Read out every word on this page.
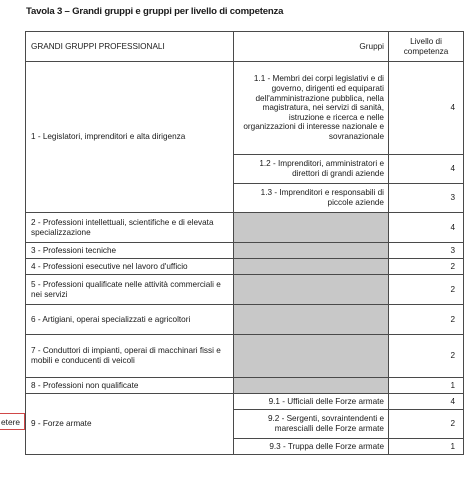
Tavola 3 – Grandi gruppi e gruppi per livello di competenza
GRANDI GRUPPI PROFESSIONALI	Gruppi	Livello di competenza
1 - Legislatori, imprenditori e alta dirigenza	1.1 - Membri dei corpi legislativi e di governo, dirigenti ed equiparati dell'amministrazione pubblica, nella magistratura, nei servizi di sanità, istruzione e ricerca e nelle organizzazioni di interesse nazionale e sovranazionale	4
	1.2 - Imprenditori, amministratori e direttori di grandi aziende	4
	1.3 - Imprenditori e responsabili di piccole aziende	3
2 - Professioni intellettuali, scientifiche e di elevata specializzazione		4
3 - Professioni tecniche		3
4 - Professioni esecutive nel lavoro d'ufficio		2
5 - Professioni qualificate nelle attività commerciali e nei servizi		2
6 - Artigiani, operai specializzati e agricoltori		2
7 - Conduttori di impianti, operai di macchinari fissi e mobili e conducenti di veicoli		2
8 - Professioni non qualificate		1
9 - Forze armate	9.1 - Ufficiali delle Forze armate	4
	9.2 - Sergenti, sovraintendenti e marescialli delle Forze armate	2
	9.3 - Truppa delle Forze armate	1
etere
